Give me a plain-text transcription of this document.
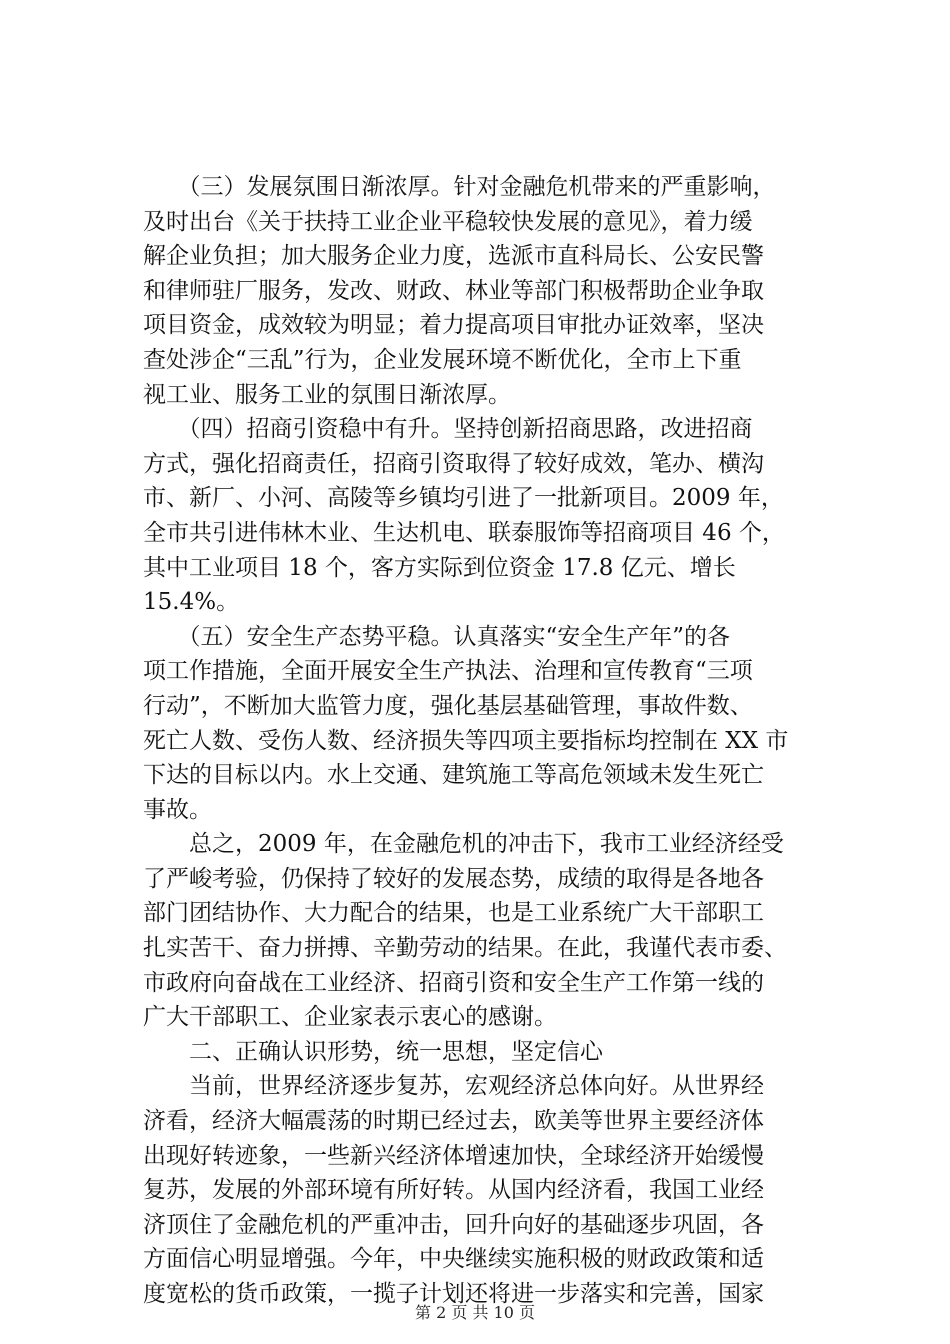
　　（三）发展氛围日渐浓厚。针对金融危机带来的严重影响，
及时出台《关于扶持工业企业平稳较快发展的意见》，着力缓
解企业负担；加大服务企业力度，选派市直科局长、公安民警
和律师驻厂服务，发改、财政、林业等部门积极帮助企业争取
项目资金，成效较为明显；着力提高项目审批办证效率，坚决
查处涉企“三乱”行为，企业发展环境不断优化，全市上下重
视工业、服务工业的氛围日渐浓厚。
　　（四）招商引资稳中有升。坚持创新招商思路，改进招商
方式，强化招商责任，招商引资取得了较好成效，笔办、横沟
市、新厂、小河、高陵等乡镇均引进了一批新项目。2009 年，
全市共引进伟林木业、生达机电、联泰服饰等招商项目 46 个，
其中工业项目 18 个，客方实际到位资金 17.8 亿元、增长
15.4%。
　　（五）安全生产态势平稳。认真落实“安全生产年”的各
项工作措施，全面开展安全生产执法、治理和宣传教育“三项
行动”，不断加大监管力度，强化基层基础管理，事故件数、
死亡人数、受伤人数、经济损失等四项主要指标均控制在 XX 市
下达的目标以内。水上交通、建筑施工等高危领域未发生死亡
事故。
　　总之，2009 年，在金融危机的冲击下，我市工业经济经受
了严峻考验，仍保持了较好的发展态势，成绩的取得是各地各
部门团结协作、大力配合的结果，也是工业系统广大干部职工
扎实苦干、奋力拼搏、辛勤劳动的结果。在此，我谨代表市委、
市政府向奋战在工业经济、招商引资和安全生产工作第一线的
广大干部职工、企业家表示衷心的感谢。
　　二、正确认识形势，统一思想，坚定信心
　　当前，世界经济逐步复苏，宏观经济总体向好。从世界经
济看，经济大幅震荡的时期已经过去，欧美等世界主要经济体
出现好转迹象，一些新兴经济体增速加快，全球经济开始缓慢
复苏，发展的外部环境有所好转。从国内经济看，我国工业经
济顶住了金融危机的严重冲击，回升向好的基础逐步巩固，各
方面信心明显增强。今年，中央继续实施积极的财政政策和适
度宽松的货币政策，一揽子计划还将进一步落实和完善，国家
第 2 页 共 10 页
